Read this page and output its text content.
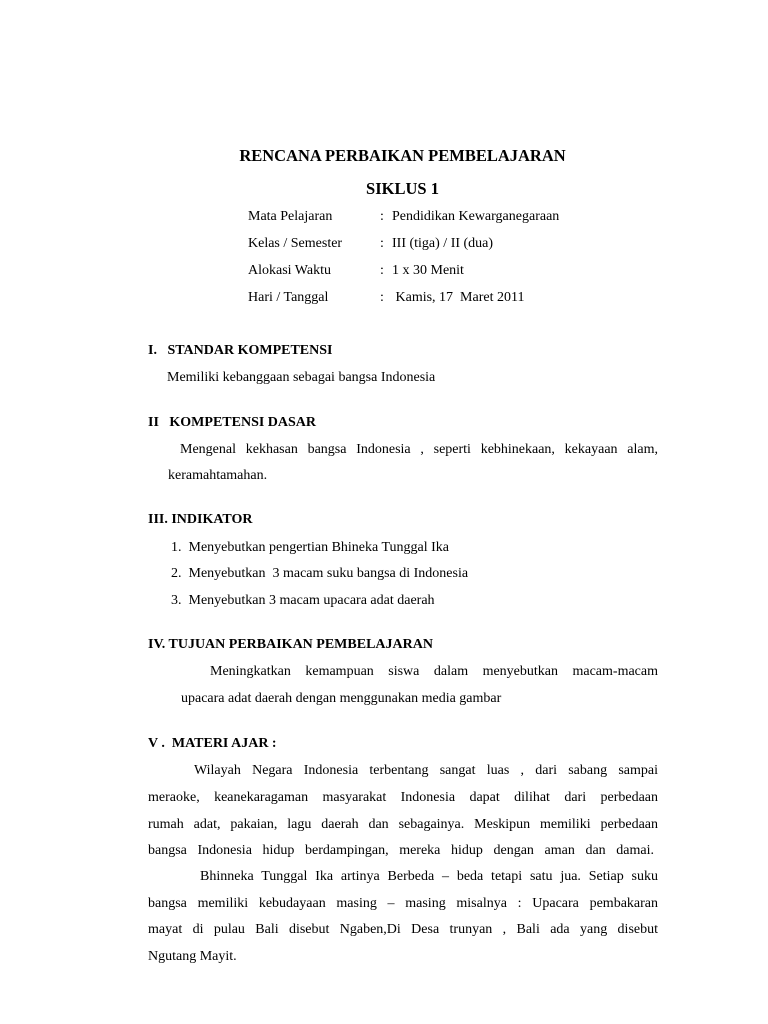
RENCANA PERBAIKAN PEMBELAJARAN
SIKLUS 1
Mata Pelajaran	: Pendidikan Kewarganegaraan
Kelas / Semester	: III (tiga) / II (dua)
Alokasi Waktu	: 1 x 30 Menit
Hari / Tanggal	: Kamis, 17  Maret 2011
I.   STANDAR KOMPETENSI
Memiliki kebanggaan sebagai bangsa Indonesia
II   KOMPETENSI DASAR
Mengenal kekhasan bangsa Indonesia , seperti kebhinekaan, kekayaan alam,
keramahtamahan.
III. INDIKATOR
1.  Menyebutkan pengertian Bhineka Tunggal Ika
2.  Menyebutkan  3 macam suku bangsa di Indonesia
3.  Menyebutkan 3 macam upacara adat daerah
IV. TUJUAN PERBAIKAN PEMBELAJARAN
Meningkatkan kemampuan siswa dalam menyebutkan macam-macam
upacara adat daerah dengan menggunakan media gambar
V .  MATERI AJAR :
Wilayah Negara Indonesia terbentang sangat luas , dari sabang sampai
meraoke, keanekaragaman masyarakat Indonesia dapat dilihat dari perbedaan
rumah adat, pakaian, lagu daerah dan sebagainya. Meskipun memiliki perbedaan
bangsa Indonesia hidup berdampingan, mereka hidup dengan aman dan damai.
Bhinneka Tunggal Ika artinya Berbeda – beda tetapi satu jua. Setiap suku
bangsa memiliki kebudayaan masing – masing misalnya : Upacara pembakaran
mayat di pulau Bali disebut Ngaben,Di Desa trunyan , Bali ada yang disebut
Ngutang Mayit.
